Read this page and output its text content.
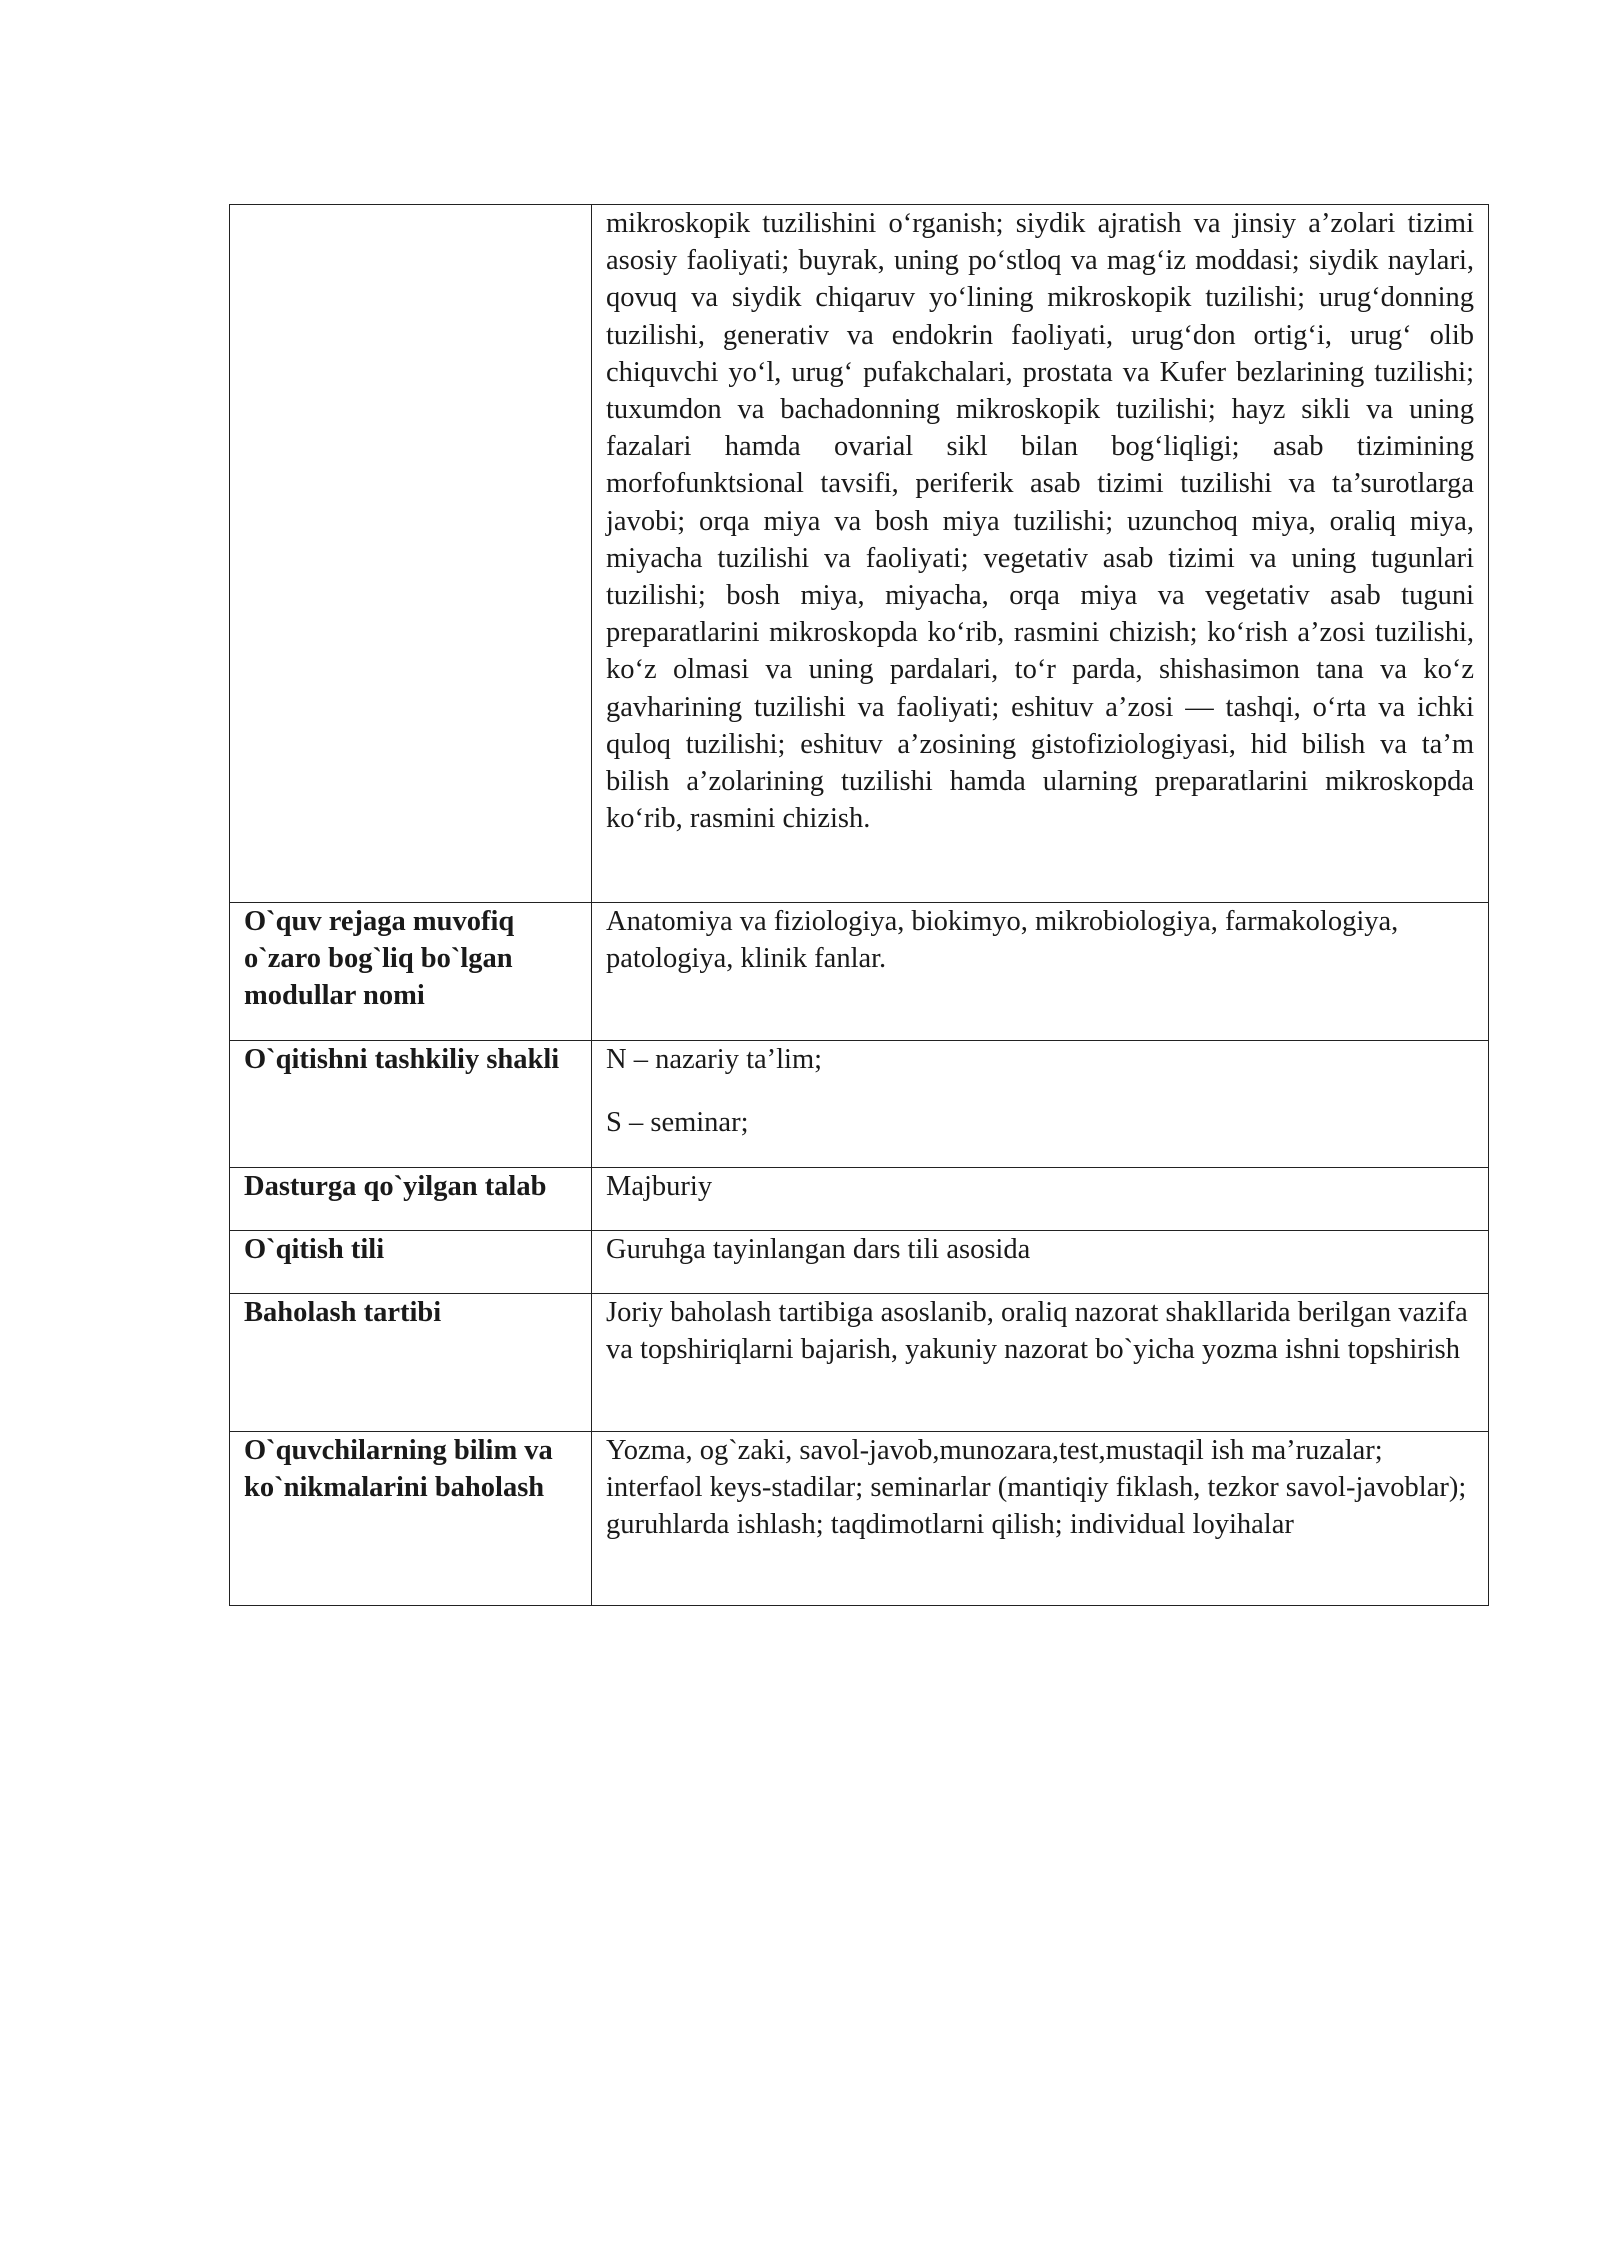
	mikroskopik tuzilishini o‘rganish; siydik ajratish va jinsiy a’zolari tizimi asosiy faoliyati; buyrak, uning po‘stloq va mag‘iz moddasi; siydik naylari, qovuq va siydik chiqaruv yo‘lining mikroskopik tuzilishi; urug‘donning tuzilishi, generativ va endokrin faoliyati, urug‘don ortig‘i, urug‘ olib chiquvchi yo‘l, urug‘ pufakchalari, prostata va Kufer bezlarining tuzilishi; tuxumdon va bachadonning mikroskopik tuzilishi; hayz sikli va uning fazalari hamda ovarial sikl bilan bog‘liqligi; asab tizimining morfofunktsional tavsifi, periferik asab tizimi tuzilishi va ta’surotlarga javobi; orqa miya va bosh miya tuzilishi; uzunchoq miya, oraliq miya, miyacha tuzilishi va faoliyati; vegetativ asab tizimi va uning tugunlari tuzilishi; bosh miya, miyacha, orqa miya va vegetativ asab tuguni preparatlarini mikroskopda ko‘rib, rasmini chizish; ko‘rish a’zosi tuzilishi, ko‘z olmasi va uning pardalari, to‘r parda, shishasimon tana va ko‘z gavharining tuzilishi va faoliyati; eshituv a’zosi — tashqi, o‘rta va ichki quloq tuzilishi; eshituv a’zosining gistofiziologiyasi, hid bilish va ta’m bilish a’zolarining tuzilishi hamda ularning preparatlarini mikroskopda ko‘rib, rasmini chizish.
O`quv rejaga muvofiq o`zaro bog`liq bo`lgan modullar nomi	Anatomiya va fiziologiya, biokimyo, mikrobiologiya, farmakologiya, patologiya, klinik fanlar.
O`qitishni tashkiliy shakli	N – nazariy ta’lim;

S – seminar;

Dasturga qo`yilgan talab	Majburiy
O`qitish tili	Guruhga tayinlangan dars tili asosida
Baholash tartibi	Joriy baholash tartibiga asoslanib, oraliq nazorat shakllarida berilgan vazifa va topshiriqlarni bajarish, yakuniy nazorat bo`yicha yozma ishni topshirish
O`quvchilarning bilim va ko`nikmalarini baholash	Yozma, og`zaki, savol-javob,munozara,test,mustaqil ish ma’ruzalar; interfaol keys-stadilar; seminarlar (mantiqiy fiklash, tezkor savol-javoblar); guruhlarda ishlash; taqdimotlarni qilish; individual loyihalar
